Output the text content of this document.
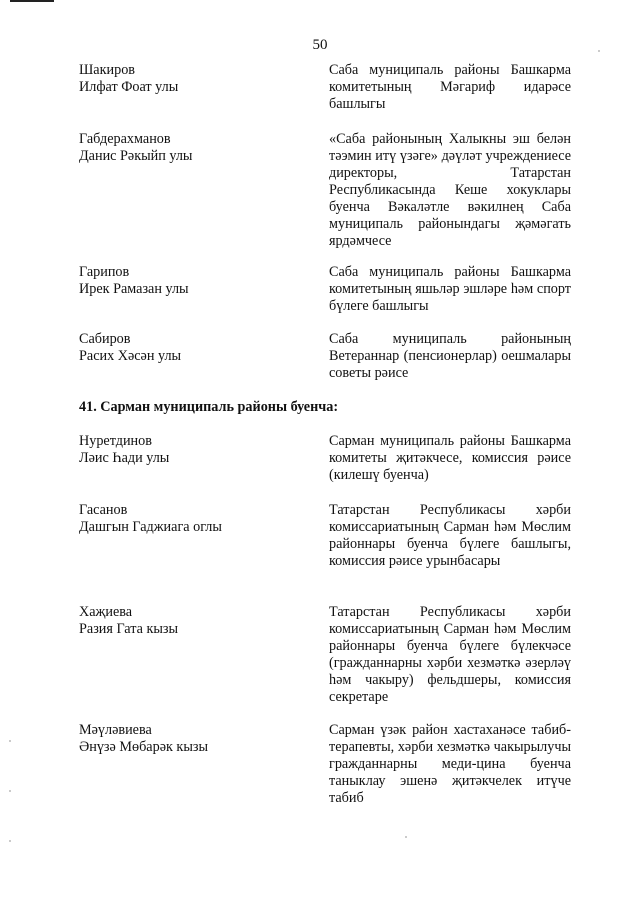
50
Шакиров
Илфат Фоат улы
Саба муниципаль районы Башкарма комитетының Мәгариф идарәсе башлыгы
Габдерахманов
Данис Рәкыйп улы
«Саба районының Халыкны эш белән тәэмин итү үзәге» дәүләт учреждениесе директоры, Татарстан Республикасында Кеше хокуклары буенча Вәкаләтле вәкилнең Саба муниципаль районындагы җәмәгать ярдәмчесе
Гарипов
Ирек Рамазан улы
Саба муниципаль районы Башкарма комитетының яшьләр эшләре һәм спорт бүлеге башлыгы
Сабиров
Расих Хәсән улы
Саба муниципаль районының Ветераннар (пенсионерлар) оешмалары советы рәисе
41. Сарман муниципаль районы буенча:
Нуретдинов
Ләис Һади улы
Сарман муниципаль районы Башкарма комитеты җитәкчесе, комиссия рәисе (килешү буенча)
Гасанов
Дашгын Гаджиага оглы
Татарстан Республикасы хәрби комиссариатының Сарман һәм Мөслим районнары буенча бүлеге башлыгы, комиссия рәисе урынбасары
Хаҗиева
Разия Гата кызы
Татарстан Республикасы хәрби комиссариатының Сарман һәм Мөслим районнары буенча бүлеге бүлекчәсе (гражданнарны хәрби хезмәткә әзерләү һәм чакыру) фельдшеры, комиссия секретаре
Мәүләвиева
Әнүзә Мөбарәк кызы
Сарман үзәк район хастаханәсе табиб-терапевты, хәрби хезмәткә чакырылучы гражданнарны меди-цина буенча таныклау эшенә җитәкчелек итүче табиб
